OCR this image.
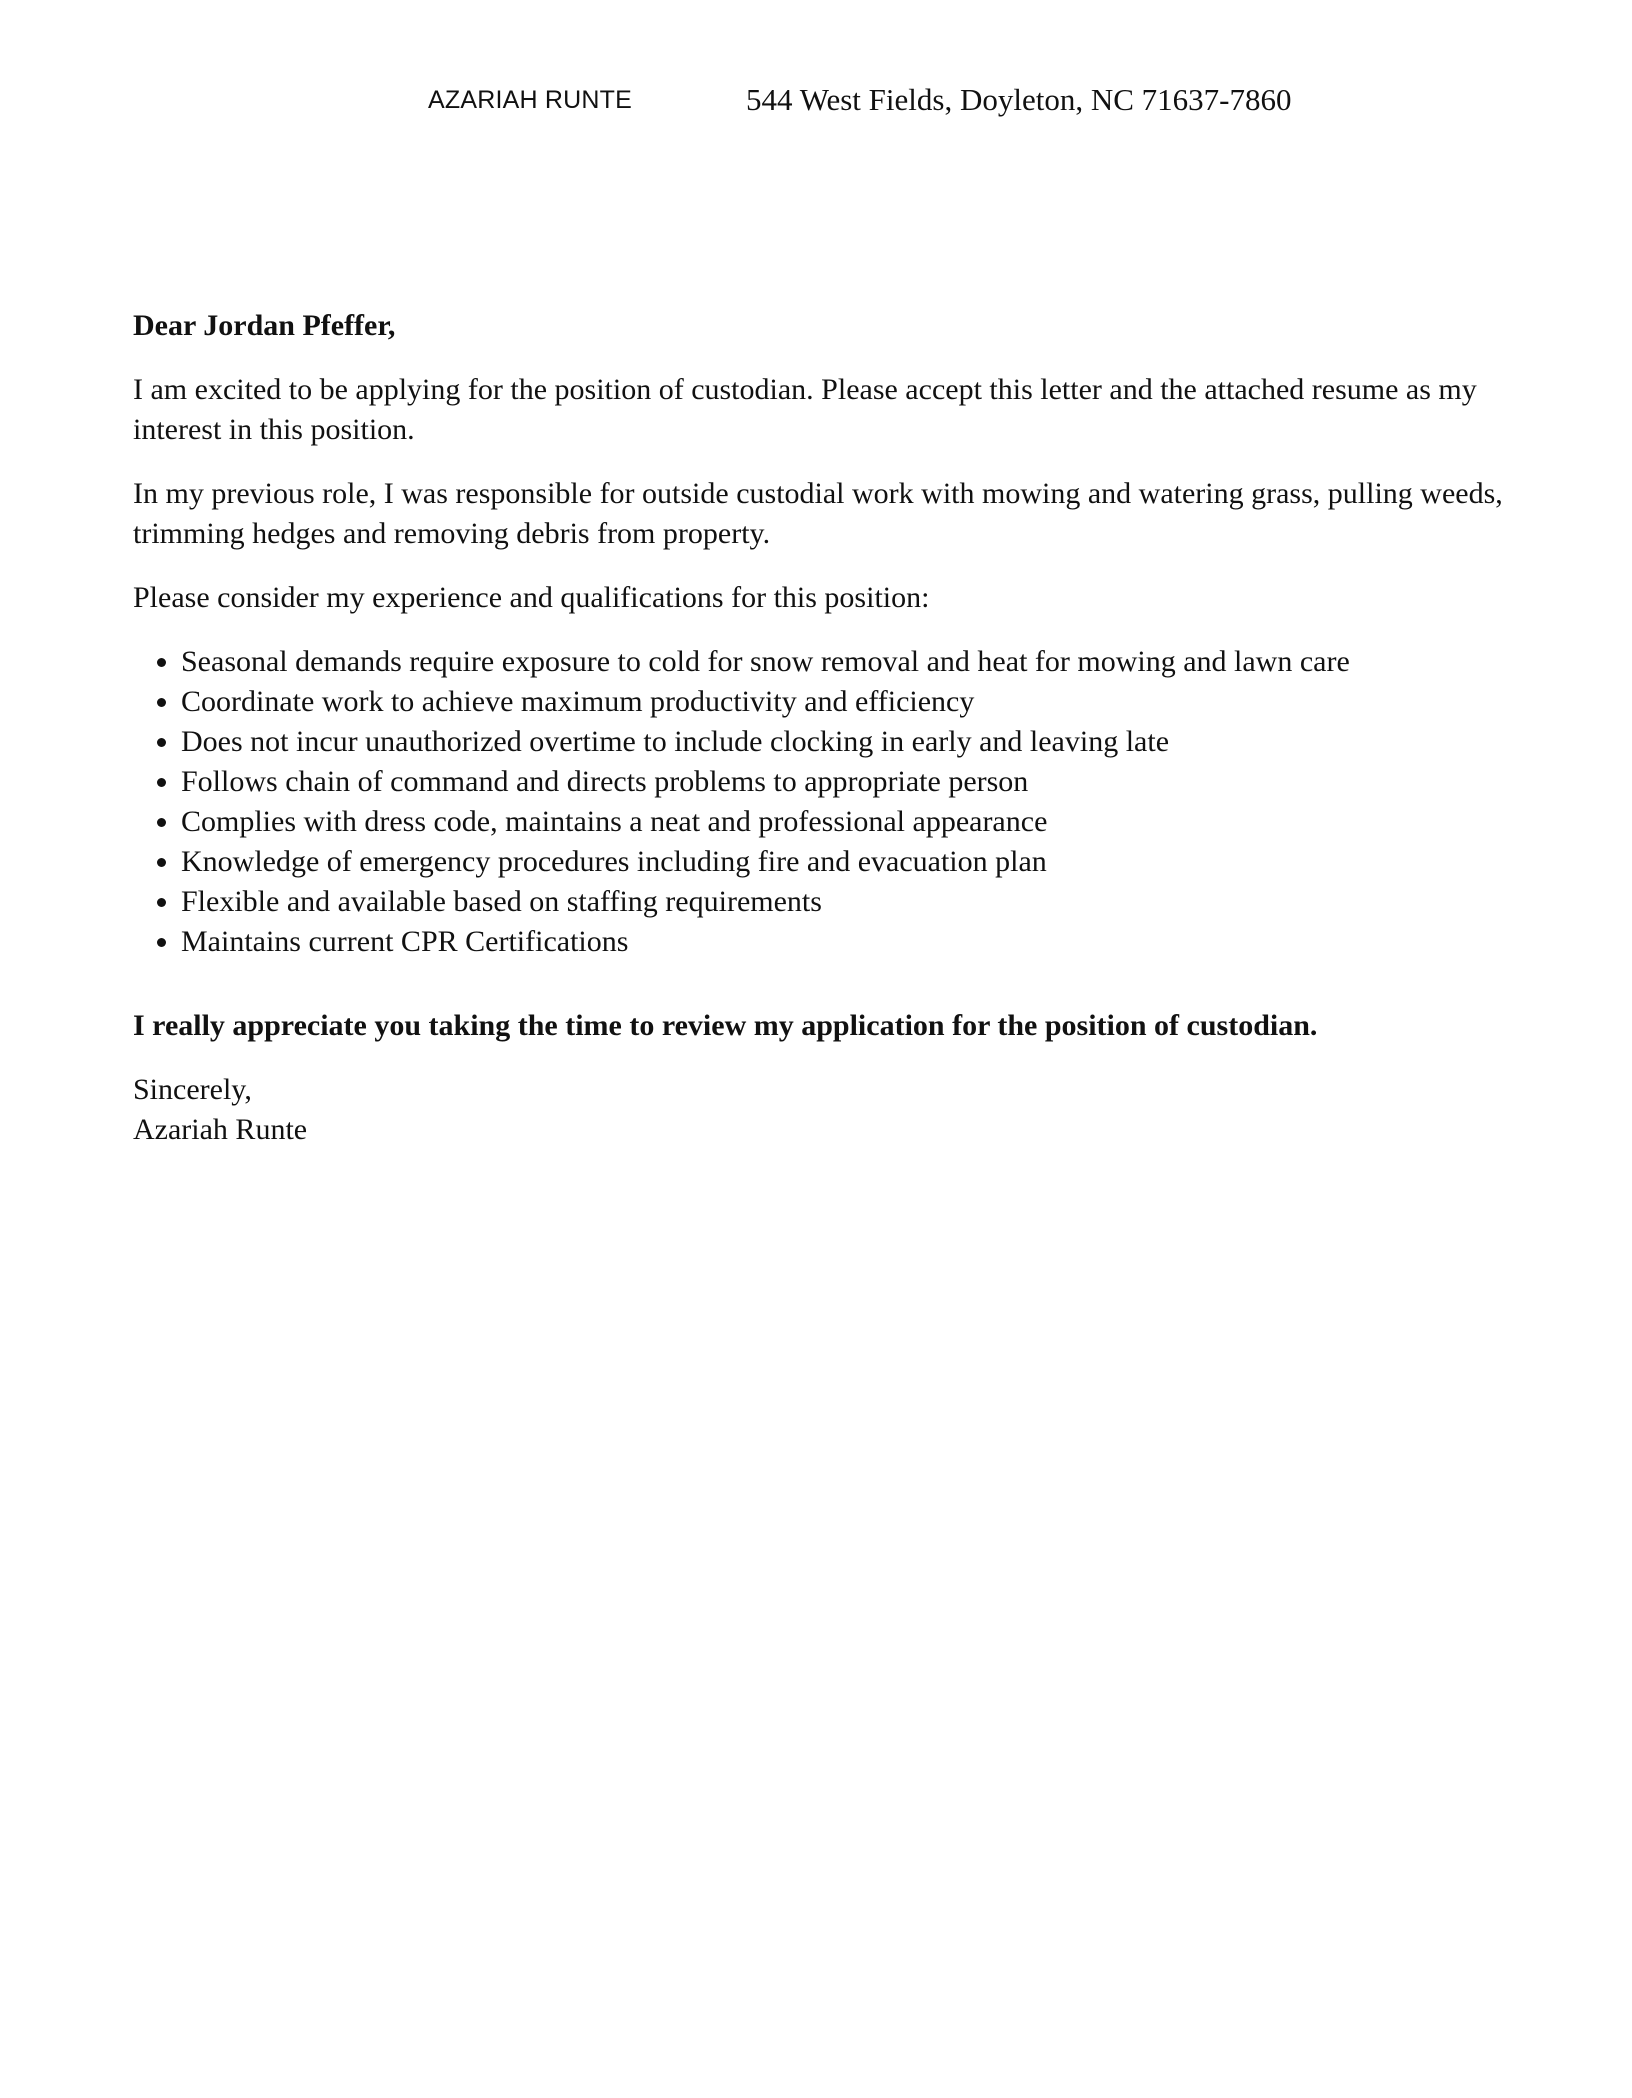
AZARIAH RUNTE	544 West Fields, Doyleton, NC 71637-7860

Dear Jordan Pfeffer,

I am excited to be applying for the position of custodian. Please accept this letter and the attached resume as my interest in this position.

In my previous role, I was responsible for outside custodial work with mowing and watering grass, pulling weeds, trimming hedges and removing debris from property.

Please consider my experience and qualifications for this position:

Seasonal demands require exposure to cold for snow removal and heat for mowing and lawn care
Coordinate work to achieve maximum productivity and efficiency
Does not incur unauthorized overtime to include clocking in early and leaving late
Follows chain of command and directs problems to appropriate person
Complies with dress code, maintains a neat and professional appearance
Knowledge of emergency procedures including fire and evacuation plan
Flexible and available based on staffing requirements
Maintains current CPR Certifications

I really appreciate you taking the time to review my application for the position of custodian.

Sincerely,
Azariah Runte
